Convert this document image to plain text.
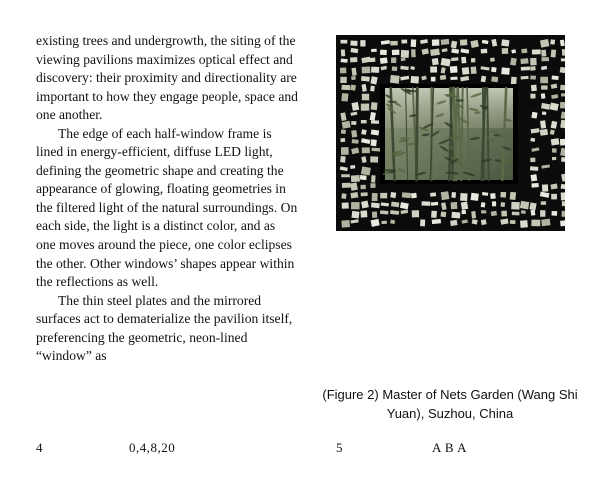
existing trees and undergrowth, the siting of the viewing pavilions maximizes optical effect and discovery: their proximity and directionality are important to how they engage people, space and one another.

The edge of each half-window frame is lined in energy-efficient, diffuse LED light, defining the geometric shape and creating the appearance of glowing, floating geometries in the filtered light of the natural surroundings. On each side, the light is a distinct color, and as one moves around the piece, one color eclipses the other. Other windows’ shapes appear within the reflections as well.

The thin steel plates and the mirrored surfaces act to dematerialize the pavilion itself, preferencing the geometric, neon-lined “window” as

4	0,4,8,20
(Figure 2) Master of Nets Garden (Wang Shi Yuan), Suzhou, China
5	A B A
